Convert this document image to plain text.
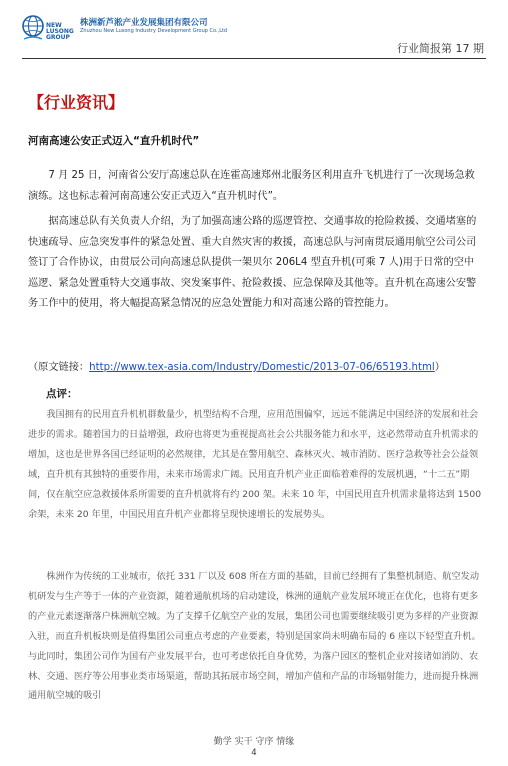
NEW LUSONG GROUP
株洲新芦淞产业发展集团有限公司
Zhuzhou New Lusong Industry Development Group Co.,Ltd
行业简报第 17 期
【行业资讯】
河南高速公安正式迈入“直升机时代”
7 月 25 日，河南省公安厅高速总队在连霍高速郑州北服务区利用直升飞机进行了一次现场急救演练。这也标志着河南高速公安正式迈入“直升机时代”。
据高速总队有关负责人介绍，为了加强高速公路的巡逻管控、交通事故的抢险救援、交通堵塞的快速疏导、应急突发事件的紧急处置、重大自然灾害的救援，高速总队与河南贯辰通用航空公司公司签订了合作协议，由贯辰公司向高速总队提供一架贝尔 206L4 型直升机(可乘 7 人)用于日常的空中巡逻、紧急处置重特大交通事故、突发案事件、抢险救援、应急保障及其他等。直升机在高速公安警务工作中的使用，将大幅提高紧急情况的应急处置能力和对高速公路的管控能力。
（原文链接：http://www.tex-asia.com/Industry/Domestic/2013-07-06/65193.html）
点评：
我国拥有的民用直升机机群数量少，机型结构不合理，应用范围偏窄，远远不能满足中国经济的发展和社会进步的需求。随着国力的日益增强，政府也将更为重视提高社会公共服务能力和水平，这必然带动直升机需求的增加，这也是世界各国已经证明的必然规律，尤其是在警用航空、森林灭火、城市消防、医疗急救等社会公益领域，直升机有其独特的重要作用，未来市场需求广阔。民用直升机产业正面临着难得的发展机遇，“十二五”期间，仅在航空应急救援体系所需要的直升机就将有约 200 架。未来 10 年，中国民用直升机需求量将达到 1500 余架，未来 20 年里，中国民用直升机产业都将呈现快速增长的发展势头。
株洲作为传统的工业城市，依托 331 厂以及 608 所在方面的基础，目前已经拥有了集整机制造、航空发动机研发与生产等于一体的产业资源，随着通航机场的启动建设，株洲的通航产业发展环境正在优化，也将有更多的产业元素逐渐落户株洲航空城。为了支撑千亿航空产业的发展，集团公司也需要继续吸引更为多样的产业资源入驻，而直升机板块则是值得集团公司重点考虑的产业要素，特别是国家尚未明确布局的 6 座以下轻型直升机。与此同时，集团公司作为国有产业发展平台，也可考虑依托自身优势，为落户园区的整机企业对接诸如消防、农林、交通、医疗等公用事业类市场渠道，帮助其拓展市场空间，增加产值和产品的市场辐射能力，进而提升株洲通用航空城的吸引
勤学 实干 守序 情缘
4
